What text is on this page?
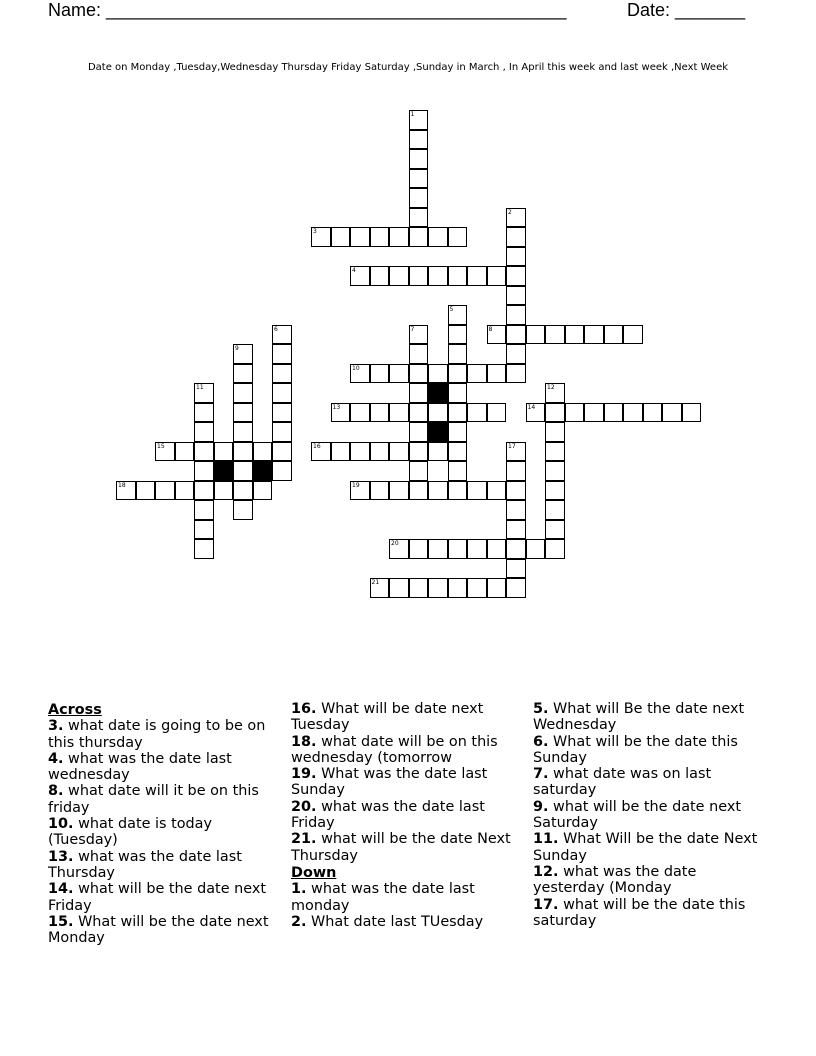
Name: ______________________________________________	Date: _______
Date on Monday ,Tuesday,Wednesday Thursday Friday Saturday ,Sunday in March , In April this week and last week ,Next Week
1
2
3
4
5
6	7	8
9
10
11	12
13	14
15	16	17
18	19
20
21
Across
3. what date is going to be on this thursday
4. what was the date last wednesday
8. what date will it be on this friday
10. what date is today (Tuesday)
13. what was the date last Thursday
14. what will be the date next Friday
15. What will be the date next Monday
16. What will be date next Tuesday
18. what date will be on this wednesday (tomorrow
19. What was the date last Sunday
20. what was the date last Friday
21. what will be the date Next Thursday
Down
1. what was the date last monday
2. What date last TUesday
5. What will Be the date next Wednesday
6. What will be the date this Sunday
7. what date was on last saturday
9. what will be the date next Saturday
11. What Will be the date Next Sunday
12. what was the date yesterday (Monday
17. what will be the date this saturday
